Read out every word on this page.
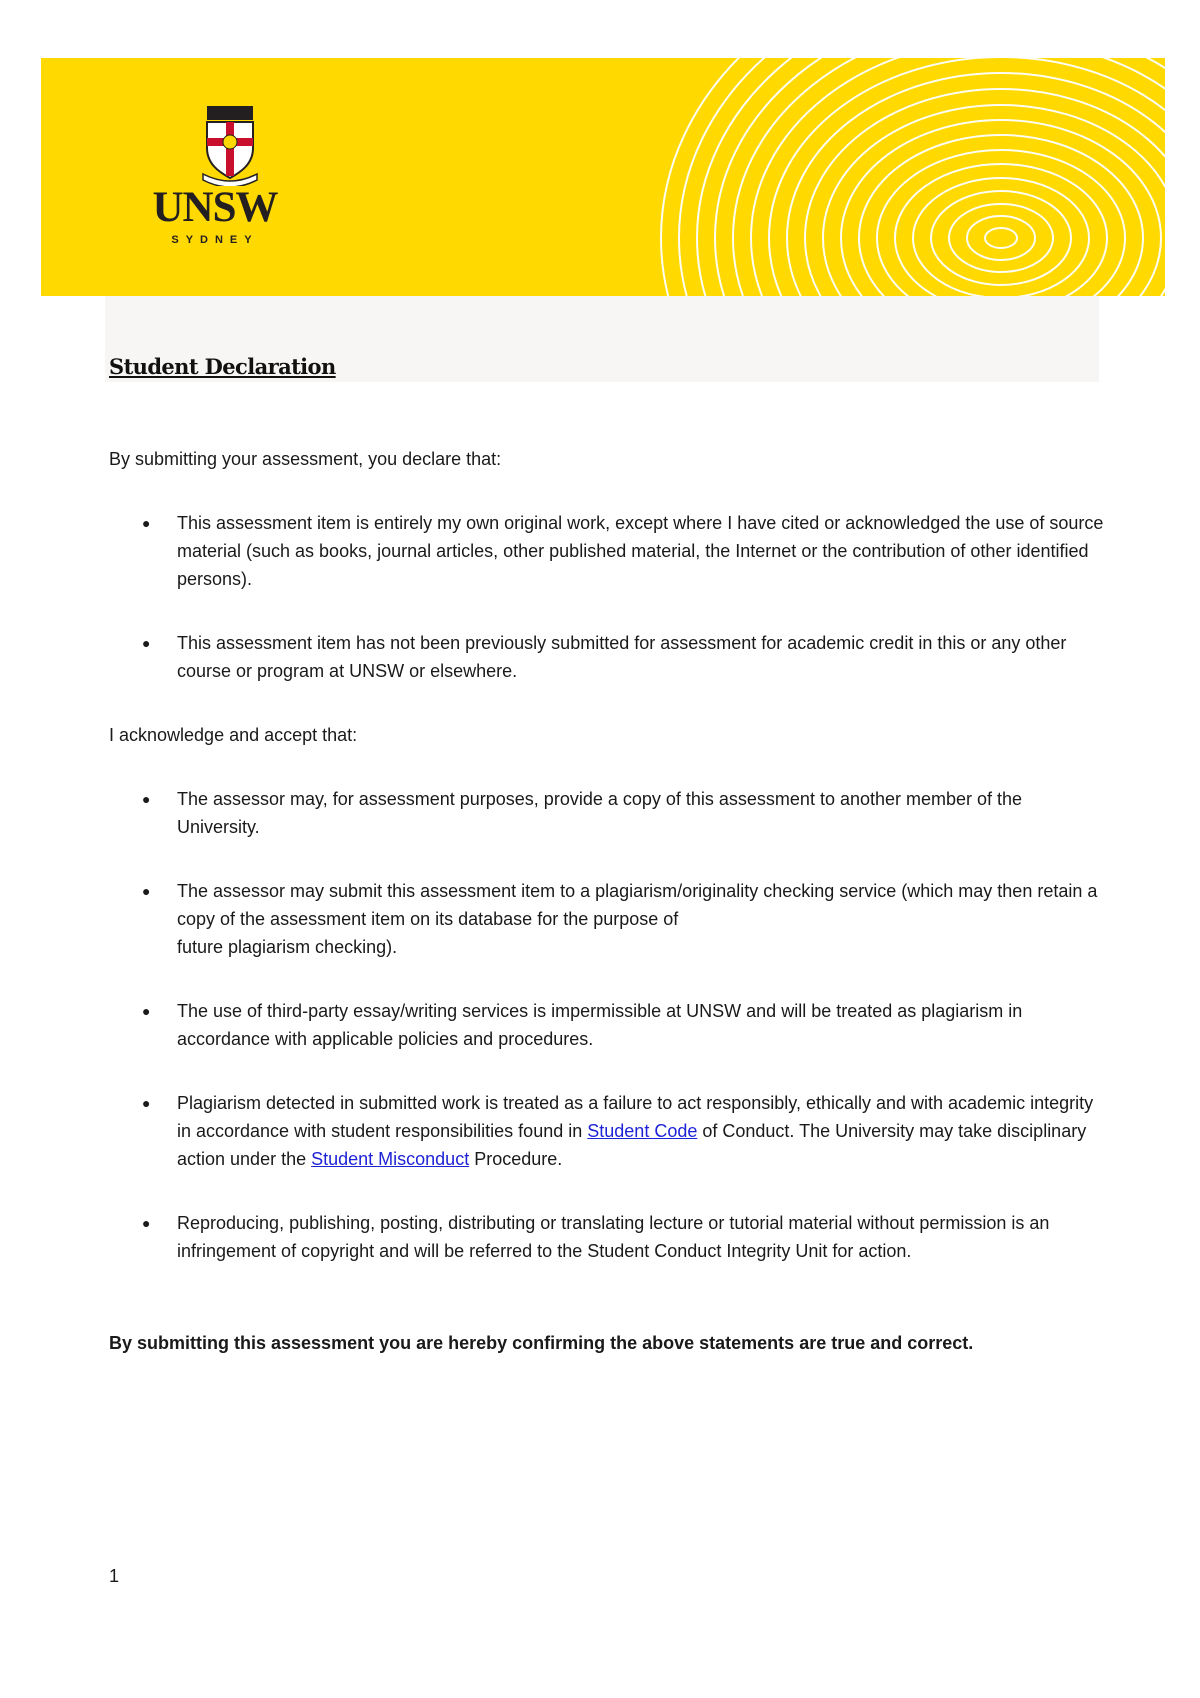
UNSW
SYDNEY
Student Declaration

By submitting your assessment, you declare that:

● This assessment item is entirely my own original work, except where I have cited or acknowledged the use of source material (such as books, journal articles, other published material, the Internet or the contribution of other identified persons).
● This assessment item has not been previously submitted for assessment for academic credit in this or any other course or program at UNSW or elsewhere.

I acknowledge and accept that:

● The assessor may, for assessment purposes, provide a copy of this assessment to another member of the University.
● The assessor may submit this assessment item to a plagiarism/originality checking service (which may then retain a copy of the assessment item on its database for the purpose of
future plagiarism checking).
● The use of third-party essay/writing services is impermissible at UNSW and will be treated as plagiarism in accordance with applicable policies and procedures.
● Plagiarism detected in submitted work is treated as a failure to act responsibly, ethically and with academic integrity in accordance with student responsibilities found in Student Code of Conduct. The University may take disciplinary action under the Student Misconduct Procedure.
● Reproducing, publishing, posting, distributing or translating lecture or tutorial material without permission is an infringement of copyright and will be referred to the Student Conduct Integrity Unit for action.

By submitting this assessment you are hereby confirming the above statements are true and correct.

1
